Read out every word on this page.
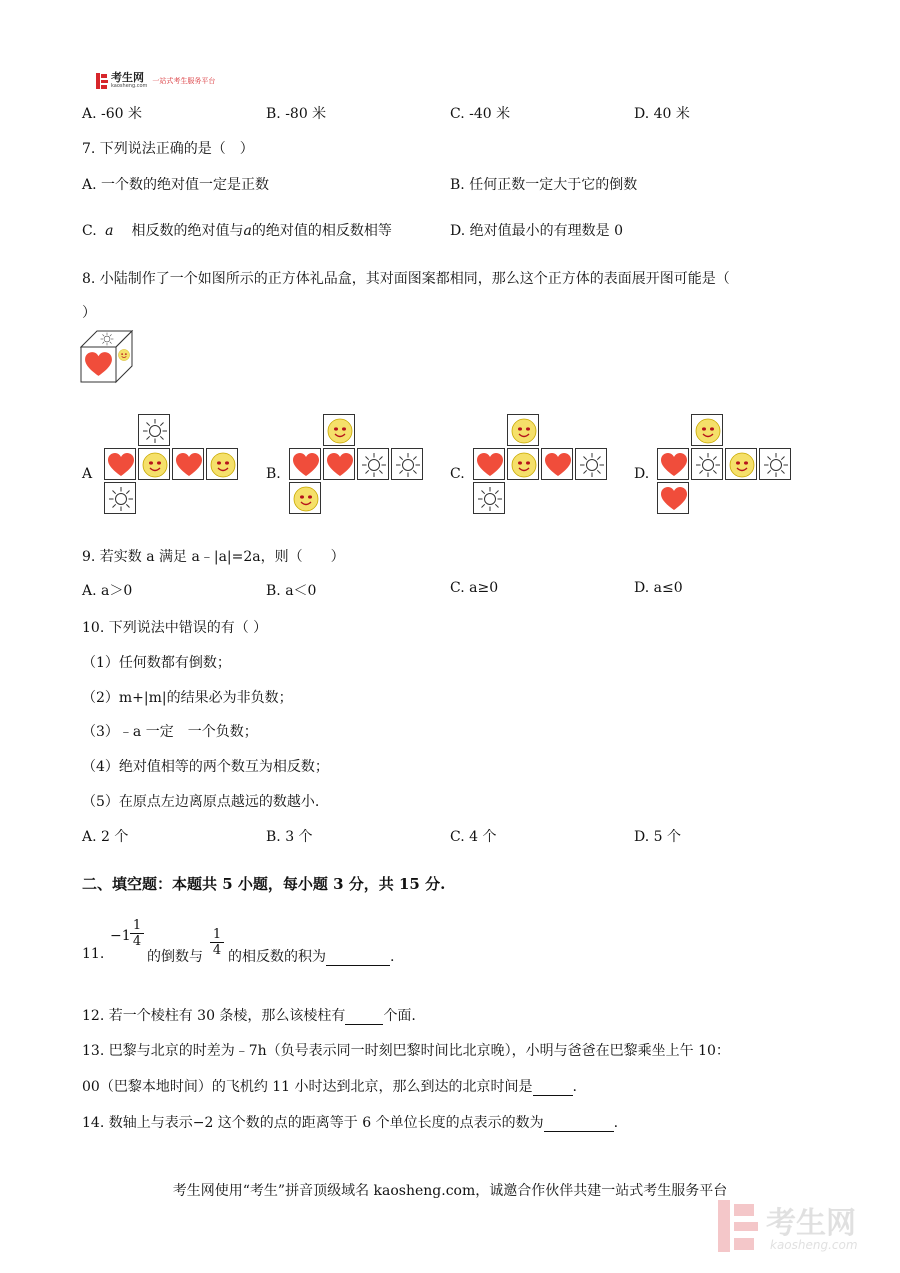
考生网
kaosheng.com
一站式考生服务平台
A. -60 米	B. -80 米	C. -40 米	D. 40 米
7. 下列说法正确的是（　）
A. 一个数的绝对值一定是正数	B. 任何正数一定大于它的倒数
C. a 相反数的绝对值与a的绝对值的相反数相等	D. 绝对值最小的有理数是 0
8. 小陆制作了一个如图所示的正方体礼品盒，其对面图案都相同，那么这个正方体的表面展开图可能是（
）
A	B.	C.	D.
9. 若实数 a 满足 a﹣|a|=2a，则（　　）
A. a＞0	B. a＜0	C. a≥0	D. a≤0
10. 下列说法中错误的有（ ）
（1）任何数都有倒数；
（2）m+|m|的结果必为非负数；
（3）﹣a 一定　一个负数；
（4）绝对值相等的两个数互为相反数；
（5）在原点左边离原点越远的数越小.
A. 2 个	B. 3 个	C. 4 个	D. 5 个
二、填空题：本题共 5 小题，每小题 3 分，共 15 分.
11.
$-1 \frac{1}{4}$
的倒数与 $\frac{1}{4}$ 的相反数的积为	.
12. 若一个棱柱有 30 条棱，那么该棱柱有	个面.
13. 巴黎与北京的时差为﹣7h（负号表示同一时刻巴黎时间比北京晚），小明与爸爸在巴黎乘坐上午 10：
00（巴黎本地时间）的飞机约 11 小时达到北京，那么到达的北京时间是	.
14. 数轴上与表示−2 这个数的点的距离等于 6 个单位长度的点表示的数为	.
考生网使用“考生”拼音顶级域名 kaosheng.com，诚邀合作伙伴共建一站式考生服务平台
考生网
kaosheng.com
